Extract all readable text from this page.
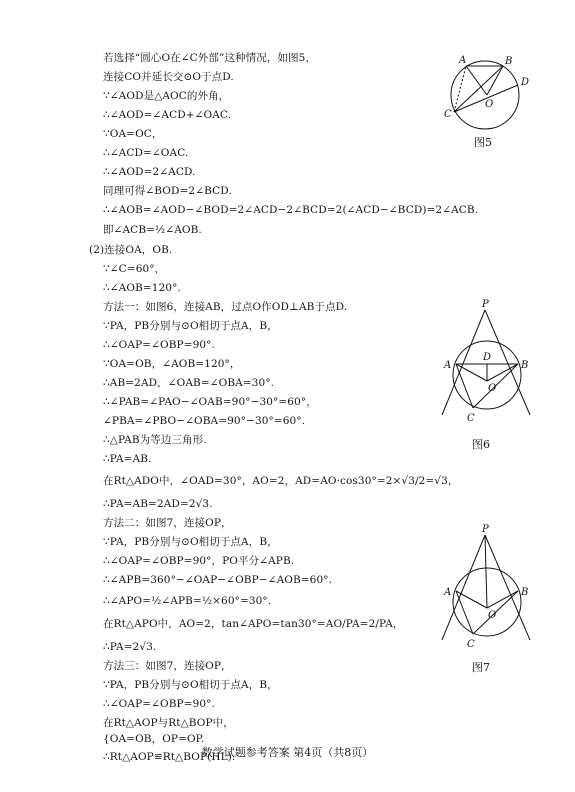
若选择“圆心O在∠C外部”这种情况，如图5，
连接CO并延长交⊙O于点D.
∵∠AOD是△AOC的外角，
∴∠AOD=∠ACD+∠OAC.
∵OA=OC，
∴∠ACD=∠OAC.
∴∠AOD=2∠ACD.
同理可得∠BOD=2∠BCD.
∴∠AOB=∠AOD−∠BOD=2∠ACD−2∠BCD=2(∠ACD−∠BCD)=2∠ACB.
即∠ACB=½∠AOB.
(2)连接OA，OB.
∵∠C=60°，
∴∠AOB=120°.
方法一：如图6，连接AB，过点O作OD⊥AB于点D.
∵PA，PB分别与⊙O相切于点A，B，
∴∠OAP=∠OBP=90°.
∵OA=OB，∠AOB=120°，
∴AB=2AD，∠OAB=∠OBA=30°.
∴∠PAB=∠PAO−∠OAB=90°−30°=60°，
∠PBA=∠PBO−∠OBA=90°−30°=60°.
∴△PAB为等边三角形.
∴PA=AB.
在Rt△ADO中，∠OAD=30°，AO=2，AD=AO·cos30°=2×√3/2=√3，
∴PA=AB=2AD=2√3.
方法二：如图7，连接OP，
∵PA，PB分别与⊙O相切于点A，B，
∴∠OAP=∠OBP=90°，PO平分∠APB.
∴∠APB=360°−∠OAP−∠OBP−∠AOB=60°.
∴∠APO=½∠APB=½×60°=30°.
在Rt△APO中，AO=2，tan∠APO=tan30°=AO/PA=2/PA，
∴PA=2√3.
方法三：如图7，连接OP，
∵PA，PB分别与⊙O相切于点A，B，
∴∠OAP=∠OBP=90°.
在Rt△AOP与Rt△BOP中，
{OA=OB，OP=OP.
∴Rt△AOP≌Rt△BOP(HL).
A	B
C
D
O
图5
P
A	B
C
D
O
图6
P
A	B
C
O
图7
数学试题参考答案 第4页（共8页）
